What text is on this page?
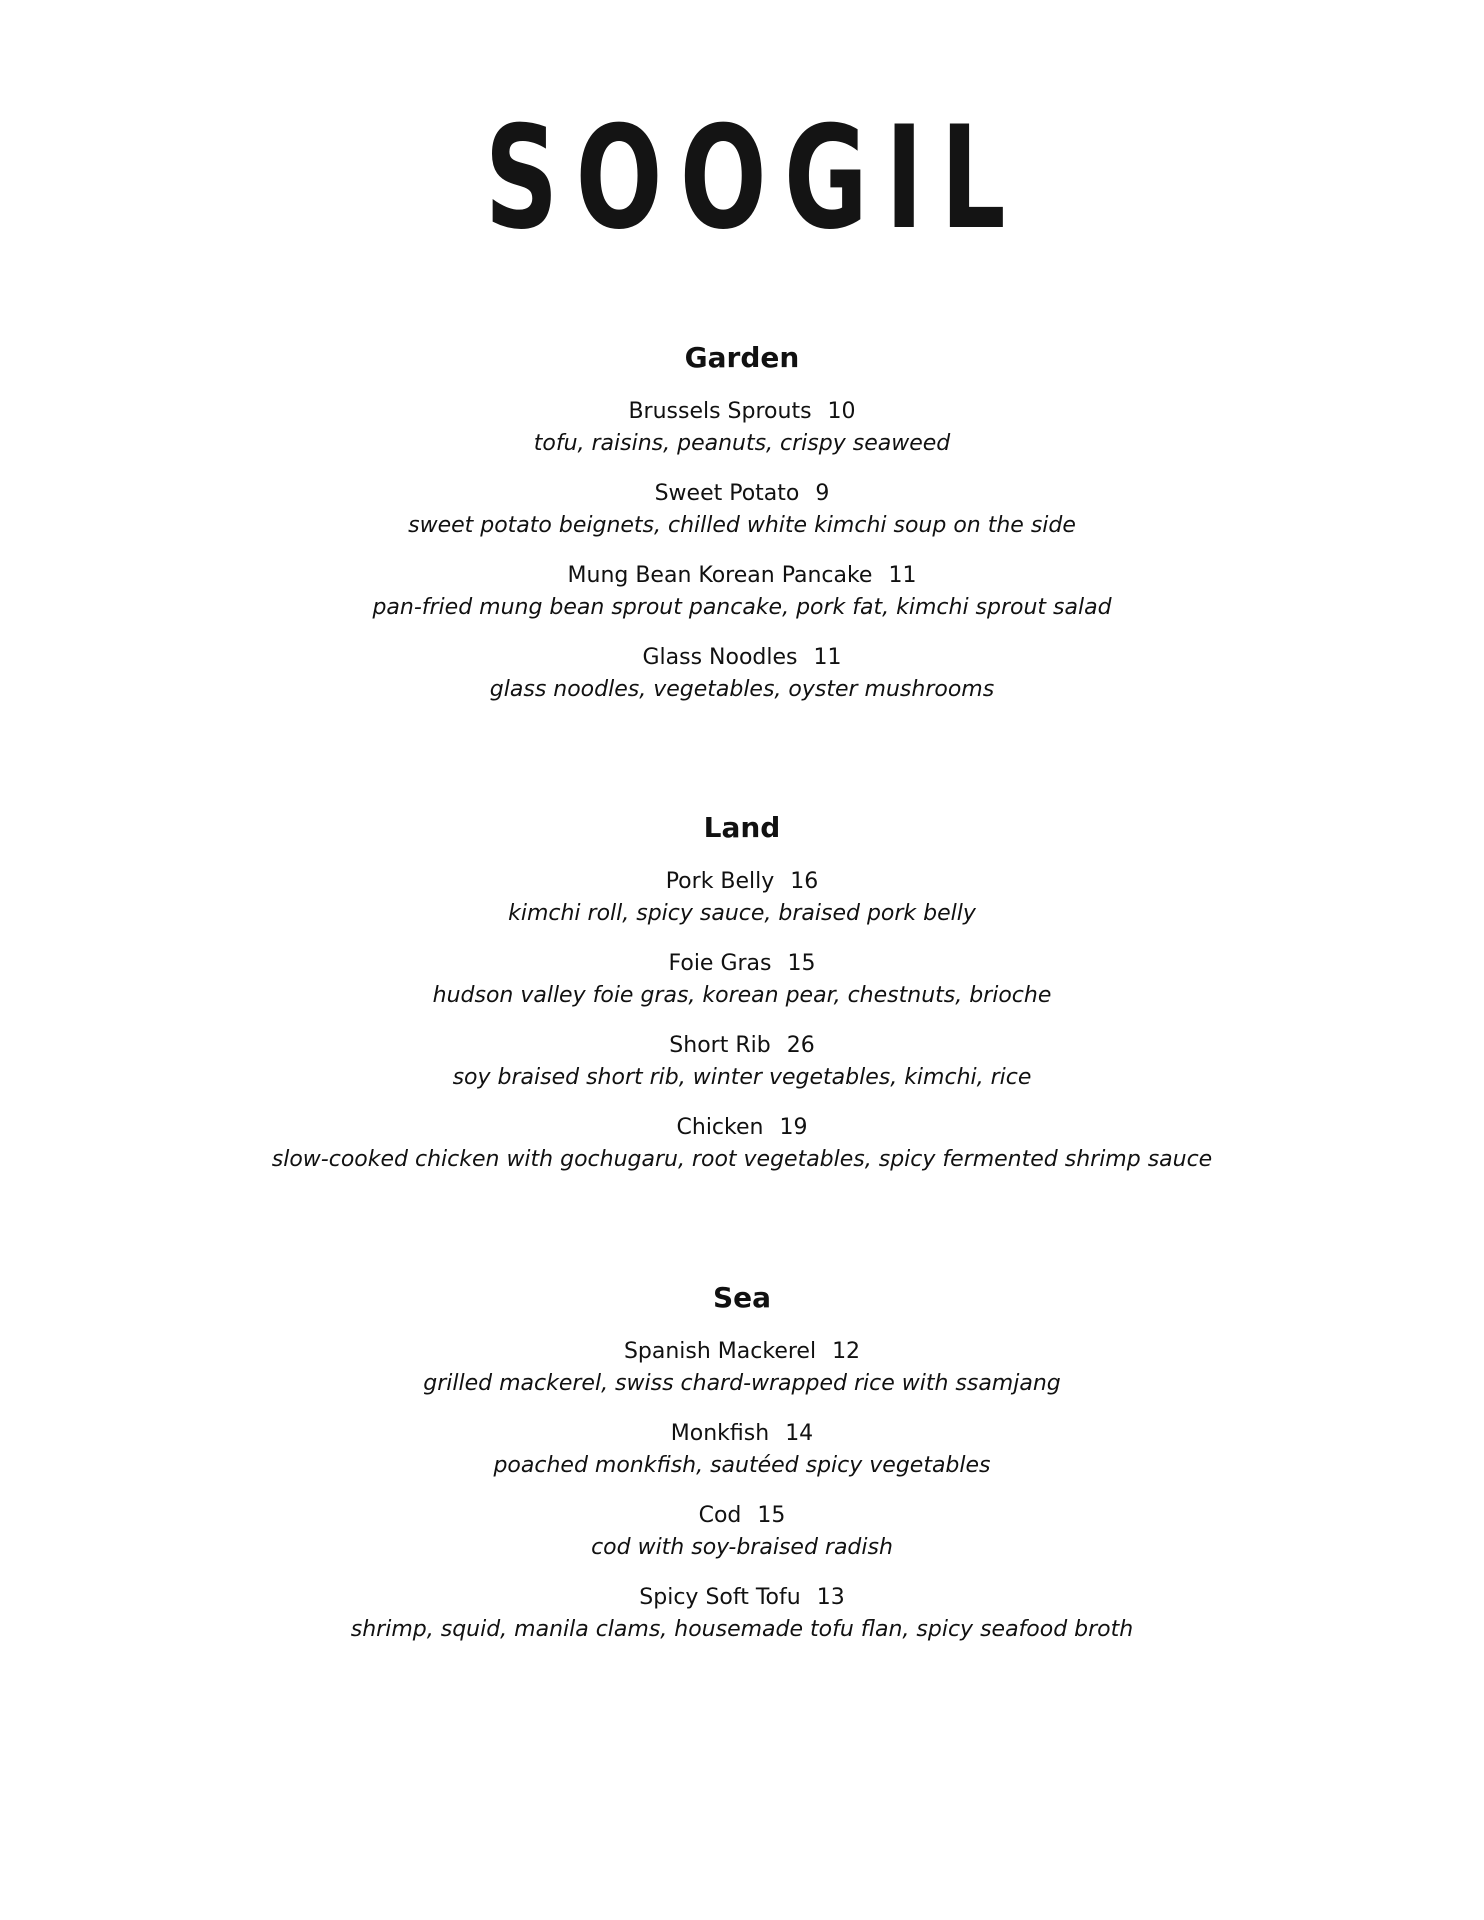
SOOGIL
Garden
Brussels Sprouts 10
tofu, raisins, peanuts, crispy seaweed
Sweet Potato 9
sweet potato beignets, chilled white kimchi soup on the side
Mung Bean Korean Pancake 11
pan-fried mung bean sprout pancake, pork fat, kimchi sprout salad
Glass Noodles 11
glass noodles, vegetables, oyster mushrooms
Land
Pork Belly 16
kimchi roll, spicy sauce, braised pork belly
Foie Gras 15
hudson valley foie gras, korean pear, chestnuts, brioche
Short Rib 26
soy braised short rib, winter vegetables, kimchi, rice
Chicken 19
slow-cooked chicken with gochugaru, root vegetables, spicy fermented shrimp sauce
Sea
Spanish Mackerel 12
grilled mackerel, swiss chard-wrapped rice with ssamjang
Monkfish 14
poached monkfish, sautéed spicy vegetables
Cod 15
cod with soy-braised radish
Spicy Soft Tofu 13
shrimp, squid, manila clams, housemade tofu flan, spicy seafood broth
